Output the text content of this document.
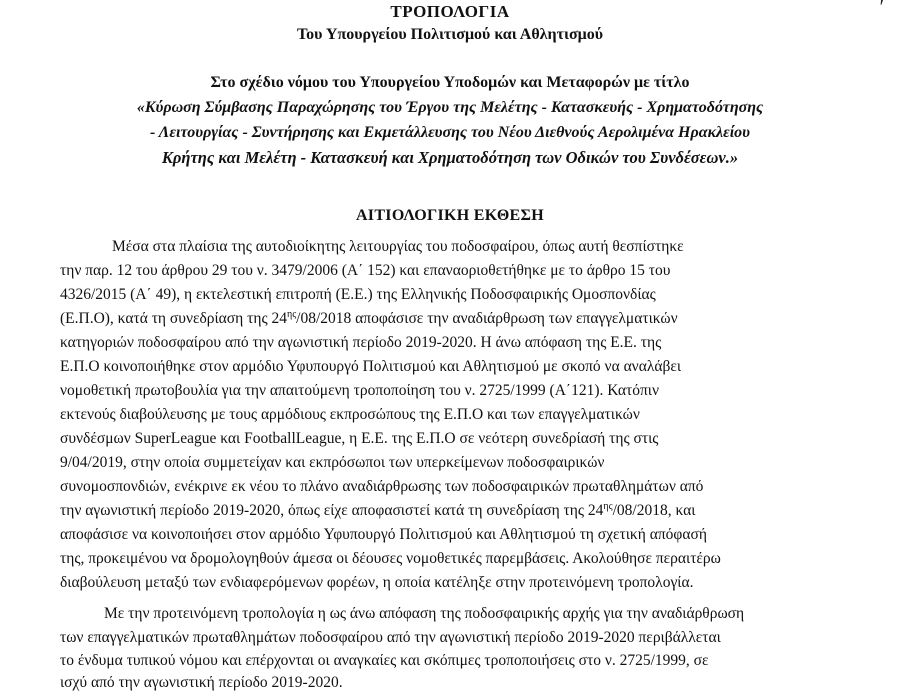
′
ΤΡΟΠΟΛΟΓΙΑ
Του Υπουργείου Πολιτισμού και Αθλητισμού
Στο σχέδιο νόμου του Υπουργείου Υποδομών και Μεταφορών με τίτλο
«Κύρωση Σύμβασης Παραχώρησης του Έργου της Μελέτης - Κατασκευής - Χρηματοδότησης
- Λειτουργίας - Συντήρησης και Εκμετάλλευσης του Νέου Διεθνούς Αερολιμένα Ηρακλείου
Κρήτης και Μελέτη - Κατασκευή και Χρηματοδότηση των Οδικών του Συνδέσεων.»
ΑΙΤΙΟΛΟΓΙΚΗ ΕΚΘΕΣΗ
Μέσα στα πλαίσια της αυτοδιοίκητης λειτουργίας του ποδοσφαίρου, όπως αυτή θεσπίστηκε
την παρ. 12 του άρθρου 29 του ν. 3479/2006 (Α΄ 152) και επαναοριοθετήθηκε με το άρθρο 15 του
4326/2015 (Α΄ 49), η εκτελεστική επιτροπή (Ε.Ε.) της Ελληνικής Ποδοσφαιρικής Ομοσπονδίας
(Ε.Π.Ο), κατά τη συνεδρίαση της $24^{\eta\varsigma}/08/2018$ αποφάσισε την αναδιάρθρωση των επαγγελματικών
κατηγοριών ποδοσφαίρου από την αγωνιστική περίοδο 2019-2020. Η άνω απόφαση της Ε.Ε. της
Ε.Π.Ο κοινοποιήθηκε στον αρμόδιο Υφυπουργό Πολιτισμού και Αθλητισμού με σκοπό να αναλάβει
νομοθετική πρωτοβουλία για την απαιτούμενη τροποποίηση του ν. 2725/1999 (Α΄121). Κατόπιν
εκτενούς διαβούλευσης με τους αρμόδιους εκπροσώπους της Ε.Π.Ο και των επαγγελματικών
συνδέσμων SuperLeague και FootballLeague, η Ε.Ε. της Ε.Π.Ο σε νεότερη συνεδρίασή της στις
9/04/2019, στην οποία συμμετείχαν και εκπρόσωποι των υπερκείμενων ποδοσφαιρικών
συνομοσπονδιών, ενέκρινε εκ νέου το πλάνο αναδιάρθρωσης των ποδοσφαιρικών πρωταθλημάτων από
την αγωνιστική περίοδο 2019-2020, όπως είχε αποφασιστεί κατά τη συνεδρίαση της $24^{\eta\varsigma}/08/2018$, και
αποφάσισε να κοινοποιήσει στον αρμόδιο Υφυπουργό Πολιτισμού και Αθλητισμού τη σχετική απόφασή
της, προκειμένου να δρομολογηθούν άμεσα οι δέουσες νομοθετικές παρεμβάσεις. Ακολούθησε περαιτέρω
διαβούλευση μεταξύ των ενδιαφερόμενων φορέων, η οποία κατέληξε στην προτεινόμενη τροπολογία.
Με την προτεινόμενη τροπολογία η ως άνω απόφαση της ποδοσφαιρικής αρχής για την αναδιάρθρωση
των επαγγελματικών πρωταθλημάτων ποδοσφαίρου από την αγωνιστική περίοδο 2019-2020 περιβάλλεται
το ένδυμα τυπικού νόμου και επέρχονται οι αναγκαίες και σκόπιμες τροποποιήσεις στο ν. 2725/1999, σε
ισχύ από την αγωνιστική περίοδο 2019-2020.
